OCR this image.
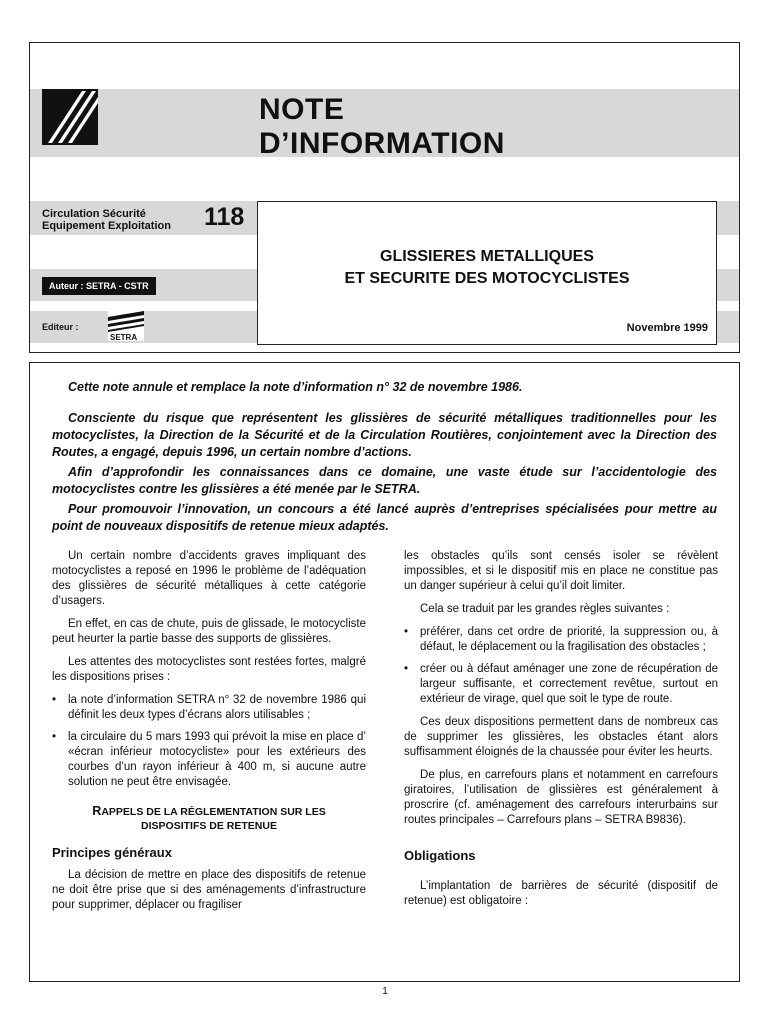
NOTE
D’INFORMATION
Circulation Sécurité
Equipement Exploitation 118
Auteur : SETRA - CSTR
Editeur :
SETRA
GLISSIERES METALLIQUES
ET SECURITE DES MOTOCYCLISTES
Novembre 1999

Cette note annule et remplace la note d’information n° 32 de novembre 1986.

Consciente du risque que représentent les glissières de sécurité métalliques traditionnelles pour les motocyclistes, la Direction de la Sécurité et de la Circulation Routières, conjointement avec la Direction des Routes, a engagé, depuis 1996, un certain nombre d’actions.

Afin d’approfondir les connaissances dans ce domaine, une vaste étude sur l’accidentologie des motocyclistes contre les glissières a été menée par le SETRA.

Pour promouvoir l’innovation, un concours a été lancé auprès d’entreprises spécialisées pour mettre au point de nouveaux dispositifs de retenue mieux adaptés.

Un certain nombre d’accidents graves impliquant des motocyclistes a reposé en 1996 le problème de l’adéquation des glissières de sécurité métalliques à cette catégorie d’usagers.

En effet, en cas de chute, puis de glissade, le motocycliste peut heurter la partie basse des supports de glissières.

Les attentes des motocyclistes sont restées fortes, malgré les dispositions prises :

• la note d’information SETRA n° 32 de novembre 1986 qui définit les deux types d’écrans alors utilisables ;
• la circulaire du 5 mars 1993 qui prévoit la mise en place d’ «écran inférieur motocycliste» pour les extérieurs des courbes d’un rayon inférieur à 400 m, si aucune autre solution ne peut être envisagée.
RAPPELS DE LA RÉGLEMENTATION SUR LES
DISPOSITIFS DE RETENUE
Principes généraux

La décision de mettre en place des dispositifs de retenue ne doit être prise que si des aménagements d’infrastructure pour supprimer, déplacer ou fragiliser

les obstacles qu’ils sont censés isoler se révèlent impossibles, et si le dispositif mis en place ne constitue pas un danger supérieur à celui qu’il doit limiter.

Cela se traduit par les grandes règles suivantes :

• préférer, dans cet ordre de priorité, la suppression ou, à défaut, le déplacement ou la fragilisation des obstacles ;
• créer ou à défaut aménager une zone de récupération de largeur suffisante, et correctement revêtue, surtout en extérieur de virage, quel que soit le type de route.

Ces deux dispositions permettent dans de nombreux cas de supprimer les glissières, les obstacles étant alors suffisamment éloignés de la chaussée pour éviter les heurts.

De plus, en carrefours plans et notamment en carrefours giratoires, l’utilisation de glissières est généralement à proscrire (cf. aménagement des carrefours interurbains sur routes principales – Carrefours plans – SETRA B9836).

Obligations

L’implantation de barrières de sécurité (dispositif de retenue) est obligatoire :

1
